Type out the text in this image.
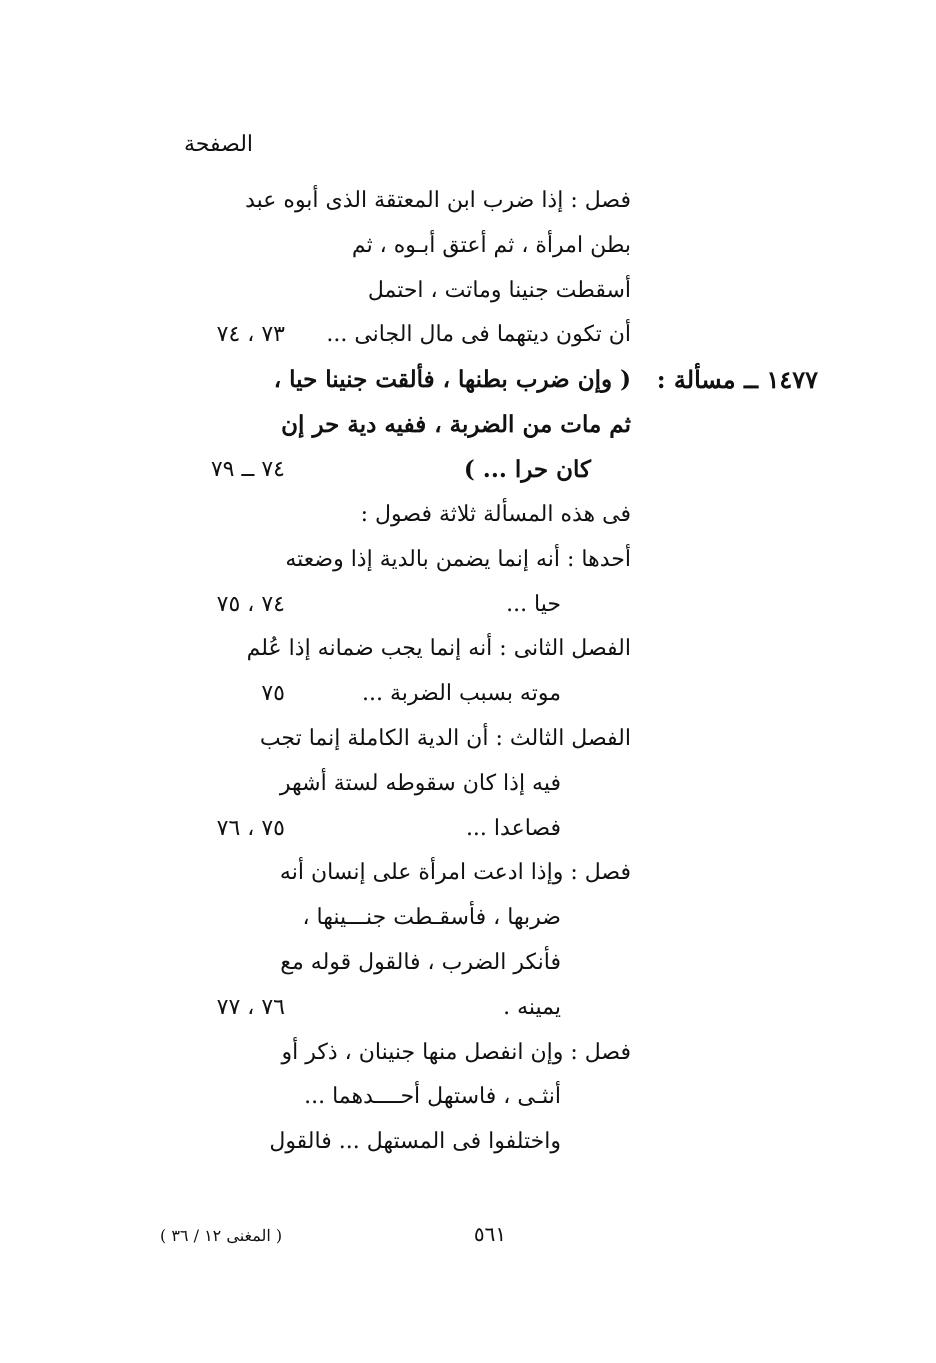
الصفحة
فصل : إذا ضرب ابن المعتقة الذى أبوه عبد
بطن امرأة ، ثم أعتق أبـوه ، ثم
أسقطت جنينا وماتت ، احتمل
أن تكون ديتهما فى مال الجانى ...
٧٣ ، ٧٤
١٤٧٧ ــ مسألة :
( وإن ضرب بطنها ، فألقت جنينا حيا ،
ثم مات من الضربة ، ففيه دية حر إن
كان حرا ... )
٧٤ ــ ٧٩
فى هذه المسألة ثلاثة فصول :
أحدها : أنه إنما يضمن بالدية إذا وضعته
حيا ...
٧٤ ، ٧٥
الفصل الثانى : أنه إنما يجب ضمانه إذا عُلم
موته بسبب الضربة ...
٧٥
الفصل الثالث : أن الدية الكاملة إنما تجب
فيه إذا كان سقوطه لستة أشهر
فصاعدا ...
٧٥ ، ٧٦
فصل : وإذا ادعت امرأة على إنسان أنه
ضربها ، فأسقـطت جنـــينها ،
فأنكر الضرب ، فالقول قوله مع
يمينه .
٧٦ ، ٧٧
فصل : وإن انفصل منها جنينان ، ذكر أو
أنثـى ، فاستهل أحــــدهما ...
واختلفوا فى المستهل ... فالقول
٥٦١
( المغنى ١٢ / ٣٦ )
